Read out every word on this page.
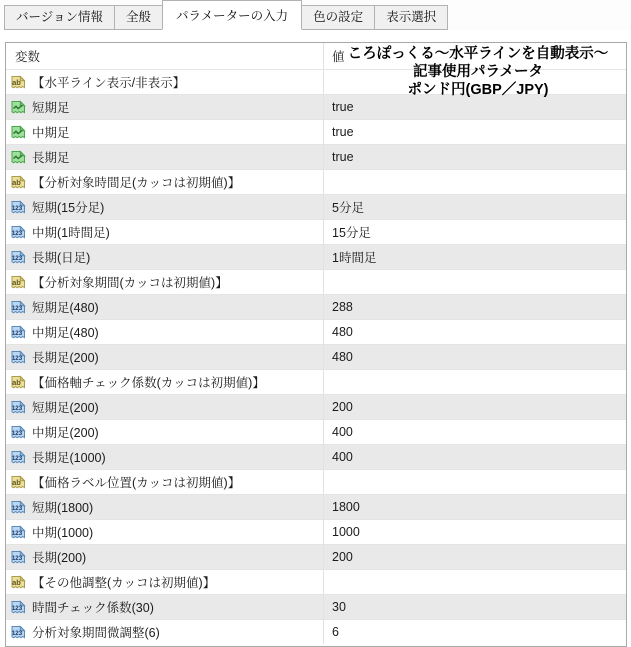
バージョン情報	全般	パラメーターの入力	色の設定	表示選択
変数	値
ab 【水平ライン表示/非表示】
短期足	true
中期足	true
長期足	true
ab 【分析対象時間足(カッコは初期値)】
123 短期(15分足)	5分足
123 中期(1時間足)	15分足
123 長期(日足)	1時間足
ab 【分析対象期間(カッコは初期値)】
123 短期足(480)	288
123 中期足(480)	480
123 長期足(200)	480
ab 【価格軸チェック係数(カッコは初期値)】
123 短期足(200)	200
123 中期足(200)	400
123 長期足(1000)	400
ab 【価格ラベル位置(カッコは初期値)】
123 短期(1800)	1800
123 中期(1000)	1000
123 長期(200)	200
ab 【その他調整(カッコは初期値)】
123 時間チェック係数(30)	30
123 分析対象期間微調整(6)	6
ころぽっくる～水平ラインを自動表示～
記事使用パラメータ
ポンド円(GBP／JPY)
